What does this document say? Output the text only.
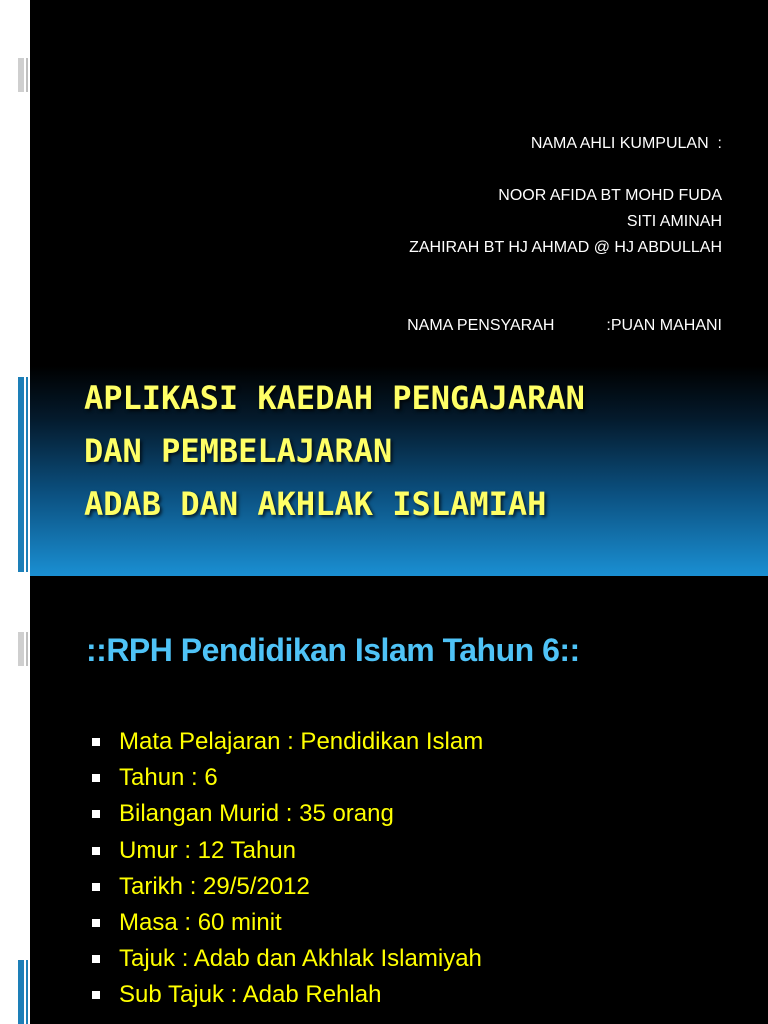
NAMA AHLI KUMPULAN  :
NOOR AFIDA BT MOHD FUDA
SITI AMINAH
ZAHIRAH BT HJ AHMAD @ HJ ABDULLAH
NAMA PENSYARAH	:PUAN MAHANI
APLIKASI KAEDAH PENGAJARAN
DAN PEMBELAJARAN
ADAB DAN AKHLAK ISLAMIAH
::RPH Pendidikan Islam Tahun 6::
Mata Pelajaran : Pendidikan Islam
Tahun : 6
Bilangan Murid : 35 orang
Umur : 12 Tahun
Tarikh : 29/5/2012
Masa : 60 minit
Tajuk : Adab dan Akhlak Islamiyah
Sub Tajuk : Adab Rehlah
